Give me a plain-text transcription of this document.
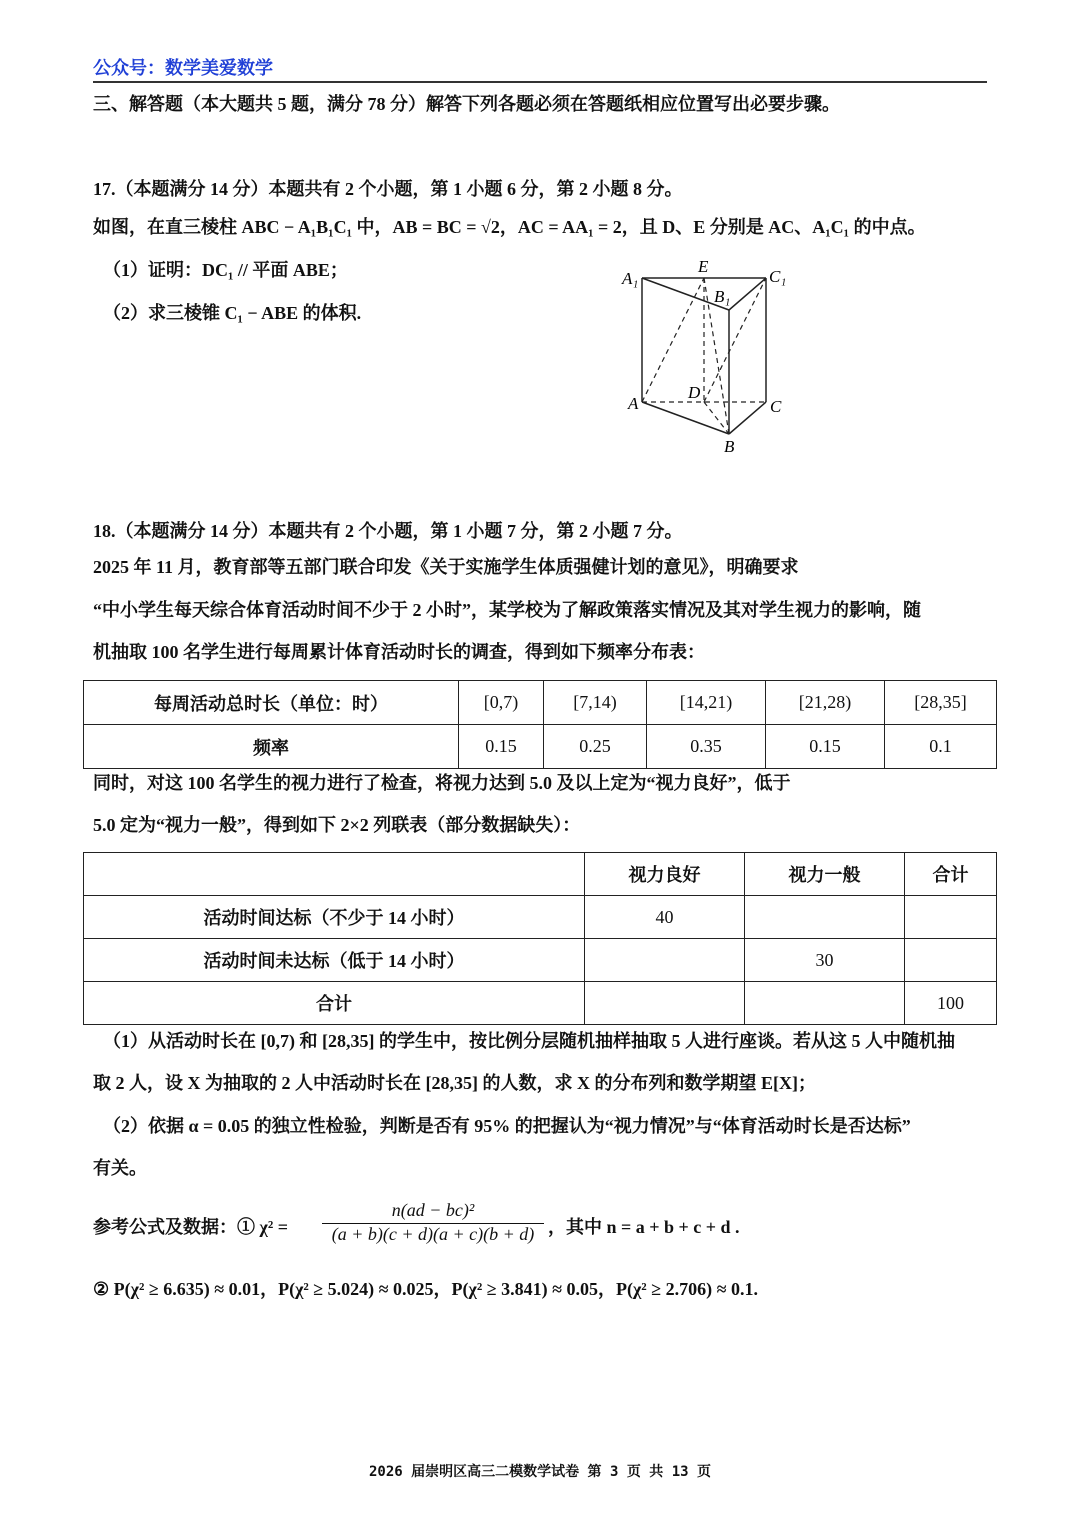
公众号：数学美爱数学
三、解答题（本大题共 5 题，满分 78 分）解答下列各题必须在答题纸相应位置写出必要步骤。
17.（本题满分 14 分）本题共有 2 个小题，第 1 小题 6 分，第 2 小题 8 分。
如图，在直三棱柱 ABC − A₁B₁C₁ 中，AB = BC = √2，AC = AA₁ = 2，且 D、E 分别是 AC、A₁C₁ 的中点。
（1）证明：DC₁ // 平面 ABE；
（2）求三棱锥 C₁ − ABE 的体积.
A₁
E
C₁
B₁
A
D
C
B
18.（本题满分 14 分）本题共有 2 个小题，第 1 小题 7 分，第 2 小题 7 分。
2025 年 11 月，教育部等五部门联合印发《关于实施学生体质强健计划的意见》，明确要求
“中小学生每天综合体育活动时间不少于 2 小时”，某学校为了解政策落实情况及其对学生视力的影响，随
机抽取 100 名学生进行每周累计体育活动时长的调查，得到如下频率分布表：
每周活动总时长（单位：时）	[0,7)	[7,14)	[14,21)	[21,28)	[28,35]
频率	0.15	0.25	0.35	0.15	0.1
同时，对这 100 名学生的视力进行了检查，将视力达到 5.0 及以上定为“视力良好”，低于
5.0 定为“视力一般”，得到如下 2×2 列联表（部分数据缺失）：
	视力良好	视力一般	合计
活动时间达标（不少于 14 小时）	40		
活动时间未达标（低于 14 小时）		30	
合计			100
（1）从活动时长在 [0,7) 和 [28,35] 的学生中，按比例分层随机抽样抽取 5 人进行座谈。若从这 5 人中随机抽
取 2 人，设 X 为抽取的 2 人中活动时长在 [28,35] 的人数，求 X 的分布列和数学期望 E[X]；
（2）依据 α = 0.05 的独立性检验，判断是否有 95% 的把握认为“视力情况”与“体育活动时长是否达标”
有关。
参考公式及数据：① $\chi^2 = \frac{\text{n(ad − bc)²}}{(a + b)(c + d)(a + c)(b + d)}$ ，其中 n = a + b + c + d .
② P(χ² ≥ 6.635) ≈ 0.01，P(χ² ≥ 5.024) ≈ 0.025，P(χ² ≥ 3.841) ≈ 0.05，P(χ² ≥ 2.706) ≈ 0.1.
2026 届崇明区高三二模数学试卷 第 3 页 共 13 页
